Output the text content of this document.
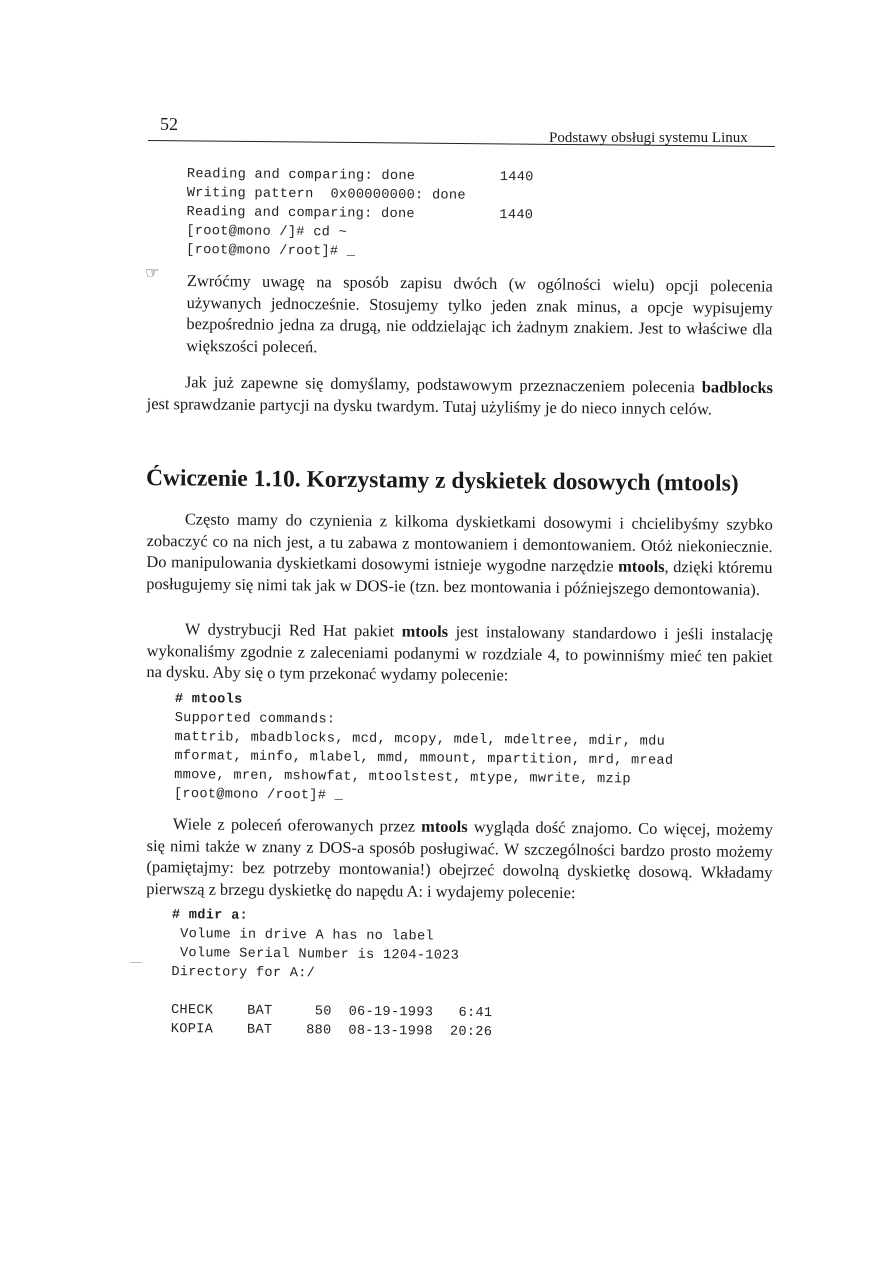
52
Podstawy obsługi systemu Linux
Reading and comparing: done          1440
Writing pattern  0x00000000: done
Reading and comparing: done          1440
[root@mono /]# cd ~
[root@mono /root]# _
☞ Zwróćmy uwagę na sposób zapisu dwóch (w ogólności wielu) opcji polecenia używanych jednocześnie. Stosujemy tylko jeden znak minus, a opcje wypisujemy bezpośrednio jedna za drugą, nie oddzielając ich żadnym znakiem. Jest to właściwe dla większości poleceń.

Jak już zapewne się domyślamy, podstawowym przeznaczeniem polecenia badblocks jest sprawdzanie partycji na dysku twardym. Tutaj użyliśmy je do nieco innych celów.

Ćwiczenie 1.10. Korzystamy z dyskietek dosowych (mtools)

Często mamy do czynienia z kilkoma dyskietkami dosowymi i chcielibyśmy szybko zobaczyć co na nich jest, a tu zabawa z montowaniem i demontowaniem. Otóż niekoniecznie. Do manipulowania dyskietkami dosowymi istnieje wygodne narzędzie mtools, dzięki któremu posługujemy się nimi tak jak w DOS-ie (tzn. bez montowania i późniejszego demontowania).

W dystrybucji Red Hat pakiet mtools jest instalowany standardowo i jeśli instalację wykonaliśmy zgodnie z zaleceniami podanymi w rozdziale 4, to powinniśmy mieć ten pakiet na dysku. Aby się o tym przekonać wydamy polecenie:

# mtools
Supported commands:
mattrib, mbadblocks, mcd, mcopy, mdel, mdeltree, mdir, mdu
mformat, minfo, mlabel, mmd, mmount, mpartition, mrd, mread
mmove, mren, mshowfat, mtoolstest, mtype, mwrite, mzip
[root@mono /root]# _

Wiele z poleceń oferowanych przez mtools wygląda dość znajomo. Co więcej, możemy się nimi także w znany z DOS-a sposób posługiwać. W szczególności bardzo prosto możemy (pamiętajmy: bez potrzeby montowania!) obejrzeć dowolną dyskietkę dosową. Wkładamy pierwszą z brzegu dyskietkę do napędu A: i wydajemy polecenie:

# mdir a:
Volume in drive A has no label
Volume Serial Number is 1204-1023
Directory for A:/
CHECK    BAT     50  06-19-1993   6:41
KOPIA    BAT    880  08-13-1998  20:26
